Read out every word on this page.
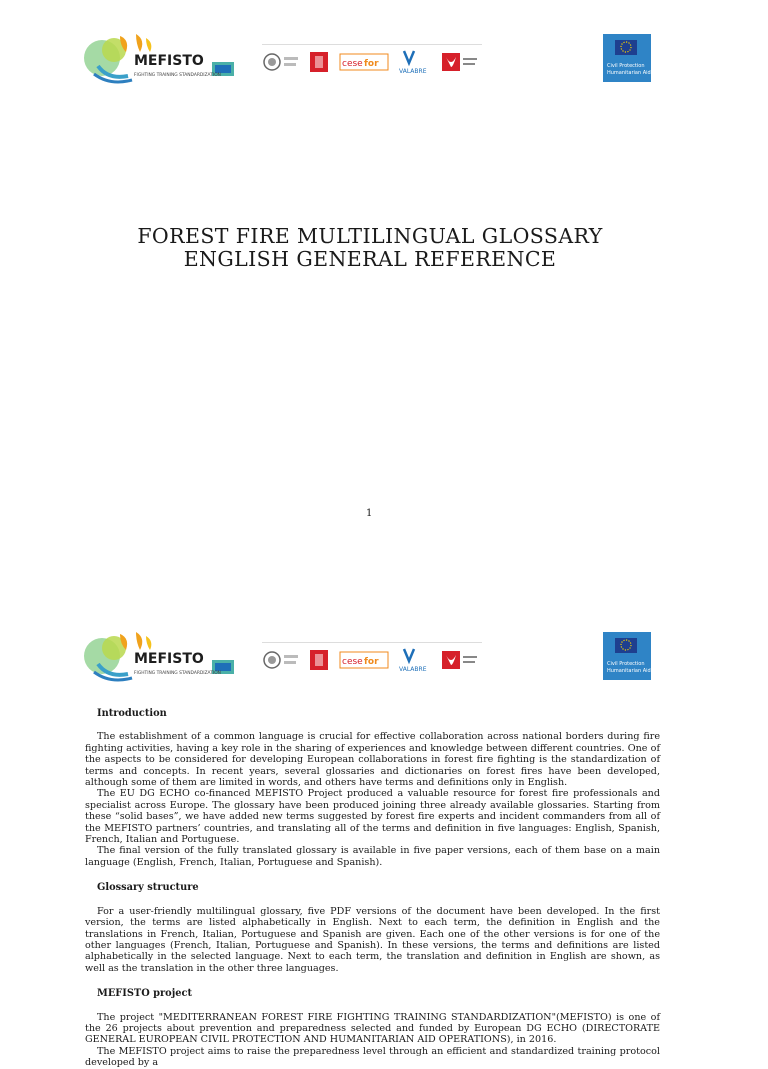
MEFISTO
FIGHTING TRAINING STANDARDIZATION
cese for
VALABRE
Civil Protection
Humanitarian Aid
FOREST FIRE MULTILINGUAL GLOSSARY
ENGLISH GENERAL REFERENCE
1
MEFISTO
FIGHTING TRAINING STANDARDIZATION
cese for
VALABRE
Civil Protection
Humanitarian Aid
Introduction

The establishment of a common language is crucial for effective collaboration across national borders during fire fighting activities, having a key role in the sharing of experiences and knowledge between different countries. One of the aspects to be considered for developing European collaborations in forest fire fighting is the standardization of terms and concepts. In recent years, several glossaries and dictionaries on forest fires have been developed, although some of them are limited in words, and others have terms and definitions only in English.

The EU DG ECHO co-financed MEFISTO Project produced a valuable resource for forest fire professionals and specialist across Europe. The glossary have been produced joining three already available glossaries. Starting from these “solid bases”, we have added new terms suggested by forest fire experts and incident commanders from all of the MEFISTO partners’ countries, and translating all of the terms and definition in five languages: English, Spanish, French, Italian and Portuguese.

The final version of the fully translated glossary is available in five paper versions, each of them base on a main language (English, French, Italian, Portuguese and Spanish).

Glossary structure

For a user-friendly multilingual glossary, five PDF versions of the document have been developed. In the first version, the terms are listed alphabetically in English. Next to each term, the definition in English and the translations in French, Italian, Portuguese and Spanish are given. Each one of the other versions is for one of the other languages (French, Italian, Portuguese and Spanish). In these versions, the terms and definitions are listed alphabetically in the selected language. Next to each term, the translation and definition in English are shown, as well as the translation in the other three languages.

MEFISTO project

The project "MEDITERRANEAN FOREST FIRE FIGHTING TRAINING STANDARDIZATION"(MEFISTO) is one of the 26 projects about prevention and preparedness selected and funded by European DG ECHO (DIRECTORATE GENERAL EUROPEAN CIVIL PROTECTION AND HUMANITARIAN AID OPERATIONS), in 2016.

The MEFISTO project aims to raise the preparedness level through an efficient and standardized training protocol developed by a
